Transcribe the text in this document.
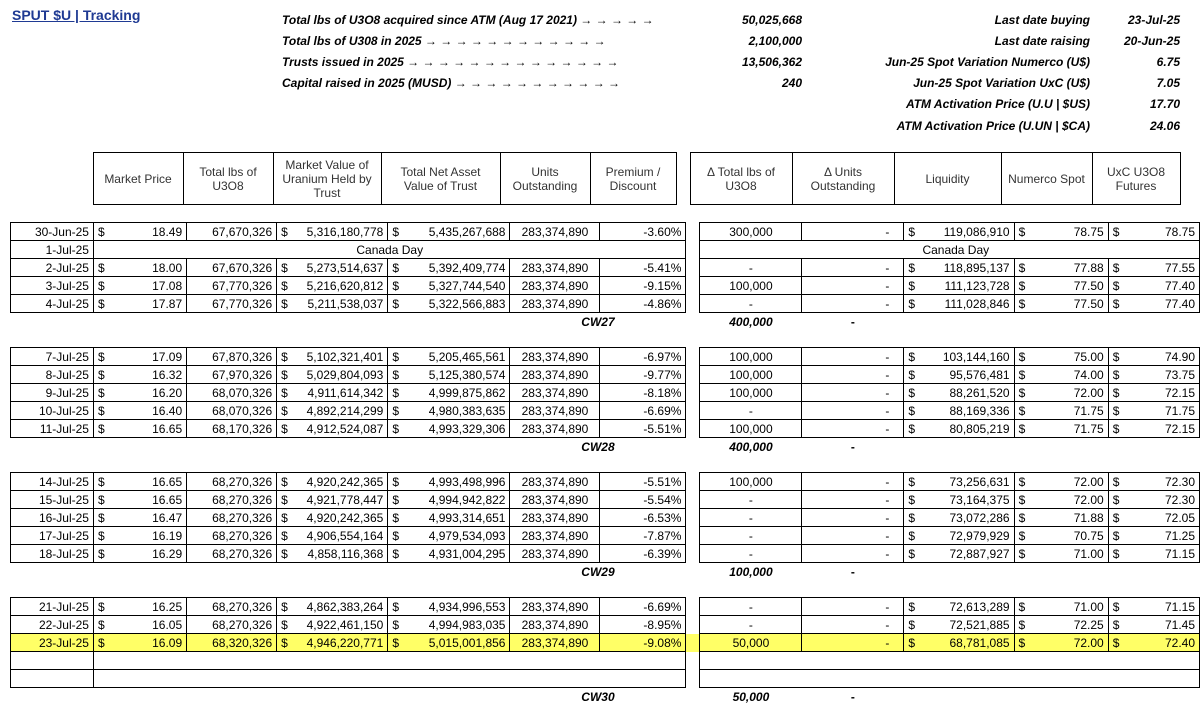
SPUT $U | Tracking	Total lbs of U3O8 acquired since ATM (Aug 17 2021) → → → → →	50,025,668
Total lbs of U308 in 2025 → → → → → → → → → → → →	2,100,000
Trusts issued in 2025 → → → → → → → → → → → → → →	13,506,362
Capital raised in 2025 (MUSD) → → → → → → → → → → →	240
Last date buying	23-Jul-25
Last date raising	20-Jun-25
Jun-25 Spot Variation Numerco (U$)	6.75
Jun-25 Spot Variation UxC (U$)	7.05
ATM Activation Price (U.U | $US)	17.70
ATM Activation Price (U.UN | $CA)	24.06
	Market Price	Total lbs of U3O8	Market Value of Uranium Held by Trust	Total Net Asset Value of Trust	Units Outstanding	Premium / Discount		Δ Total lbs of U3O8	Δ Units Outstanding	Liquidity	Numerco Spot	UxC U3O8 Futures
30-Jun-25	$	18.49	67,670,326	$	5,316,180,778	$	5,435,267,688	283,374,890	-3.60%		300,000	-	$	119,086,910	$	78.75	$	78.75
1-Jul-25	Canada Day										Canada Day							
2-Jul-25	$	18.00	67,670,326	$	5,273,514,637	$	5,392,409,774	283,374,890	-5.41%		-	-	$	118,895,137	$	77.88	$	77.55
3-Jul-25	$	17.08	67,770,326	$	5,216,620,812	$	5,327,744,540	283,374,890	-9.15%		100,000	-	$	111,123,728	$	77.50	$	77.40
4-Jul-25	$	17.87	67,770,326	$	5,211,538,037	$	5,322,566,883	283,374,890	-4.86%		-	-	$	111,028,846	$	77.50	$	77.40
								CW27			400,000	-						
7-Jul-25	$	17.09	67,870,326	$	5,102,321,401	$	5,205,465,561	283,374,890	-6.97%		100,000	-	$	103,144,160	$	75.00	$	74.90
8-Jul-25	$	16.32	67,970,326	$	5,029,804,093	$	5,125,380,574	283,374,890	-9.77%		100,000	-	$	95,576,481	$	74.00	$	73.75
9-Jul-25	$	16.20	68,070,326	$	4,911,614,342	$	4,999,875,862	283,374,890	-8.18%		100,000	-	$	88,261,520	$	72.00	$	72.15
10-Jul-25	$	16.40	68,070,326	$	4,892,214,299	$	4,980,383,635	283,374,890	-6.69%		-	-	$	88,169,336	$	71.75	$	71.75
11-Jul-25	$	16.65	68,170,326	$	4,912,524,087	$	4,993,329,306	283,374,890	-5.51%		100,000	-	$	80,805,219	$	71.75	$	72.15
								CW28			400,000	-						
14-Jul-25	$	16.65	68,270,326	$	4,920,242,365	$	4,993,498,996	283,374,890	-5.51%		100,000	-	$	73,256,631	$	72.00	$	72.30
15-Jul-25	$	16.65	68,270,326	$	4,921,778,447	$	4,994,942,822	283,374,890	-5.54%		-	-	$	73,164,375	$	72.00	$	72.30
16-Jul-25	$	16.47	68,270,326	$	4,920,242,365	$	4,993,314,651	283,374,890	-6.53%		-	-	$	73,072,286	$	71.88	$	72.05
17-Jul-25	$	16.19	68,270,326	$	4,906,554,164	$	4,979,534,093	283,374,890	-7.87%		-	-	$	72,979,929	$	70.75	$	71.25
18-Jul-25	$	16.29	68,270,326	$	4,858,116,368	$	4,931,004,295	283,374,890	-6.39%		-	-	$	72,887,927	$	71.00	$	71.15
								CW29			100,000	-						
21-Jul-25	$	16.25	68,270,326	$	4,862,383,264	$	4,934,996,553	283,374,890	-6.69%		-	-	$	72,613,289	$	71.00	$	71.15
22-Jul-25	$	16.05	68,270,326	$	4,922,461,150	$	4,994,983,035	283,374,890	-8.95%		-	-	$	72,521,885	$	72.25	$	71.45
23-Jul-25	$	16.09	68,320,326	$	4,946,220,771	$	5,015,001,856	283,374,890	-9.08%		50,000	-	$	68,781,085	$	72.00	$	72.40

								CW30			50,000	-						
